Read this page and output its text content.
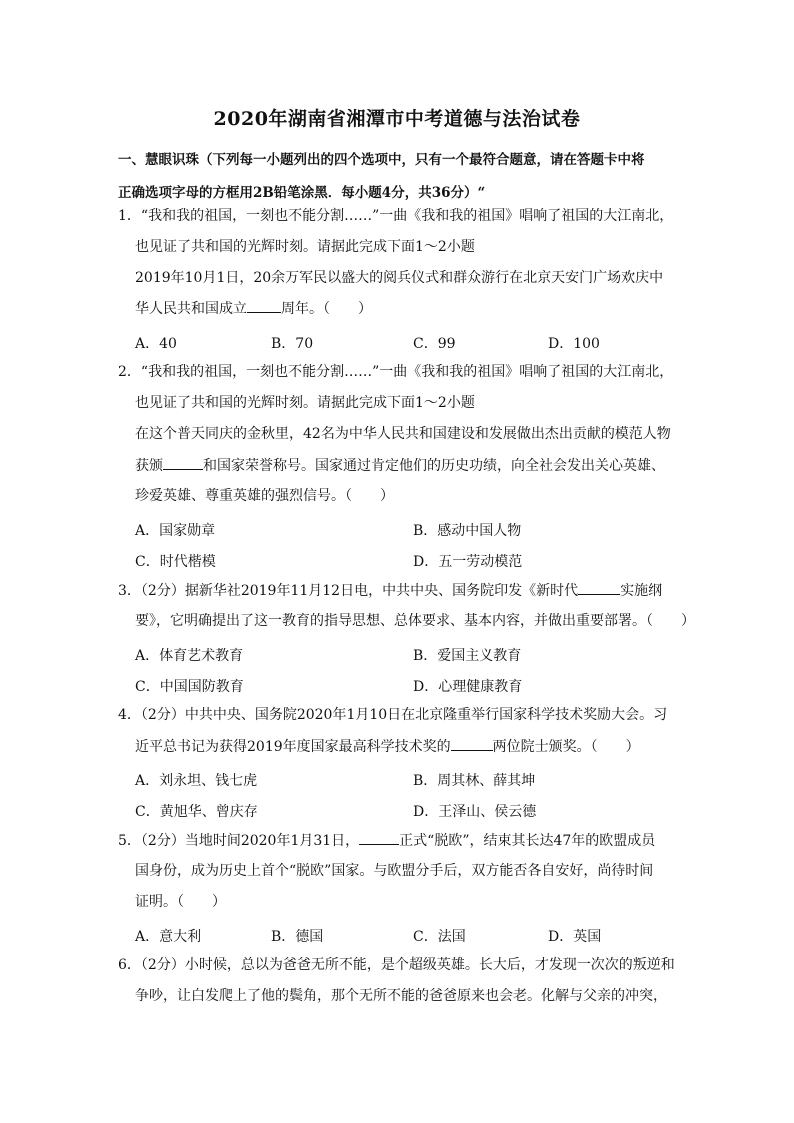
2020年湖南省湘潭市中考道德与法治试卷
一、慧眼识珠（下列每一小题列出的四个选项中，只有一个最符合题意，请在答题卡中将
正确选项字母的方框用2B铅笔涂黑．每小题4分，共36分）“
1．“我和我的祖国，一刻也不能分割……”一曲《我和我的祖国》唱响了祖国的大江南北，
也见证了共和国的光辉时刻。请据此完成下面1～2小题
2019年10月1日，20余万军民以盛大的阅兵仪式和群众游行在北京天安门广场欢庆中
华人民共和国成立 周年。（　　）
A．40	B．70	C．99	D．100
2．“我和我的祖国，一刻也不能分割……”一曲《我和我的祖国》唱响了祖国的大江南北，
也见证了共和国的光辉时刻。请据此完成下面1～2小题
在这个普天同庆的金秋里，42名为中华人民共和国建设和发展做出杰出贡献的模范人物
获颁	和国家荣誉称号。国家通过肯定他们的历史功绩，向全社会发出关心英雄、
珍爱英雄、尊重英雄的强烈信号。（　　）
A．国家勋章	B．感动中国人物
C．时代楷模	D．五一劳动模范
3．（2分）据新华社2019年11月12日电，中共中央、国务院印发《新时代	实施纲
要》，它明确提出了这一教育的指导思想、总体要求、基本内容，并做出重要部署。（　　）
A．体育艺术教育	B．爱国主义教育
C．中国国防教育	D．心理健康教育
4．（2分）中共中央、国务院2020年1月10日在北京隆重举行国家科学技术奖励大会。习
近平总书记为获得2019年度国家最高科学技术奖的	两位院士颁奖。（　　）
A．刘永坦、钱七虎	B．周其林、薛其坤
C．黄旭华、曾庆存	D．王泽山、侯云德
5．（2分）当地时间2020年1月31日，	正式“脱欧”，结束其长达47年的欧盟成员
国身份，成为历史上首个“脱欧”国家。与欧盟分手后，双方能否各自安好，尚待时间
证明。（　　）
A．意大利	B．德国	C．法国	D．英国
6．（2分）小时候，总以为爸爸无所不能，是个超级英雄。长大后，才发现一次次的叛逆和
争吵，让白发爬上了他的鬓角，那个无所不能的爸爸原来也会老。化解与父亲的冲突，
